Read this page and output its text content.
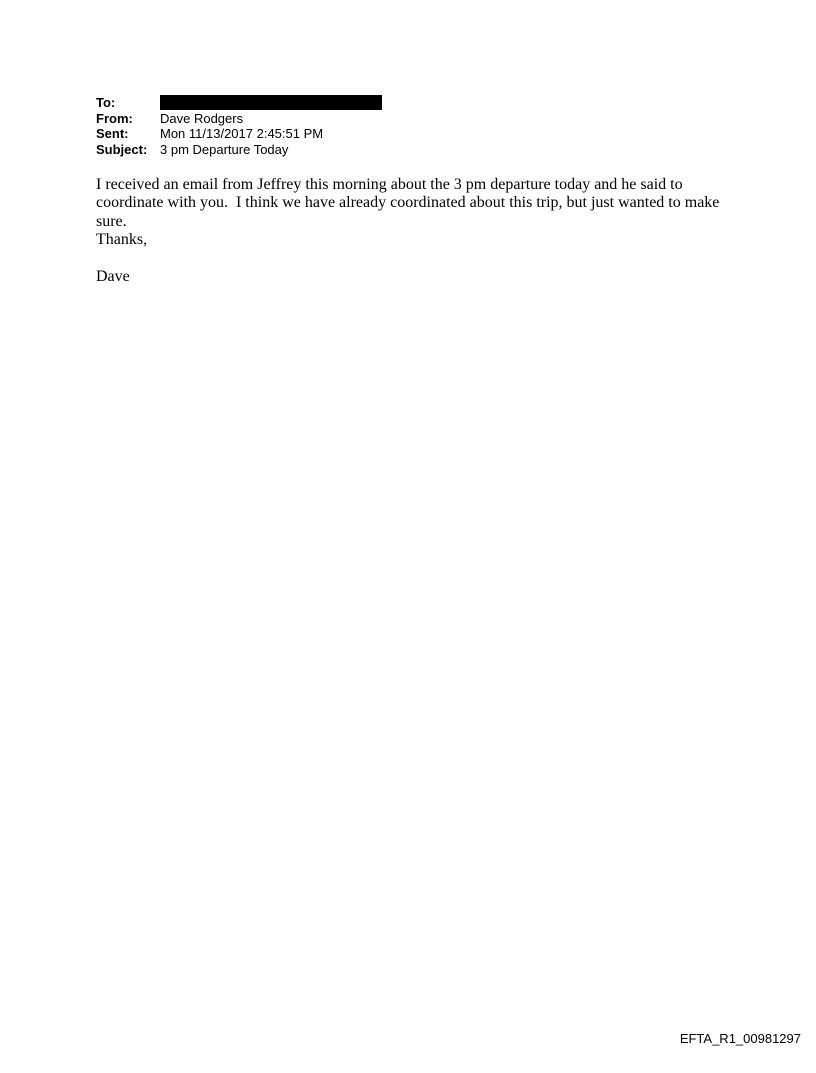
To:	
From:	Dave Rodgers
Sent:	Mon 11/13/2017 2:45:51 PM
Subject:	3 pm Departure Today

I received an email from Jeffrey this morning about the 3 pm departure today and he said to coordinate with you.  I think we have already coordinated about this trip, but just wanted to make sure.

Thanks,

Dave

EFTA_R1_00981297
